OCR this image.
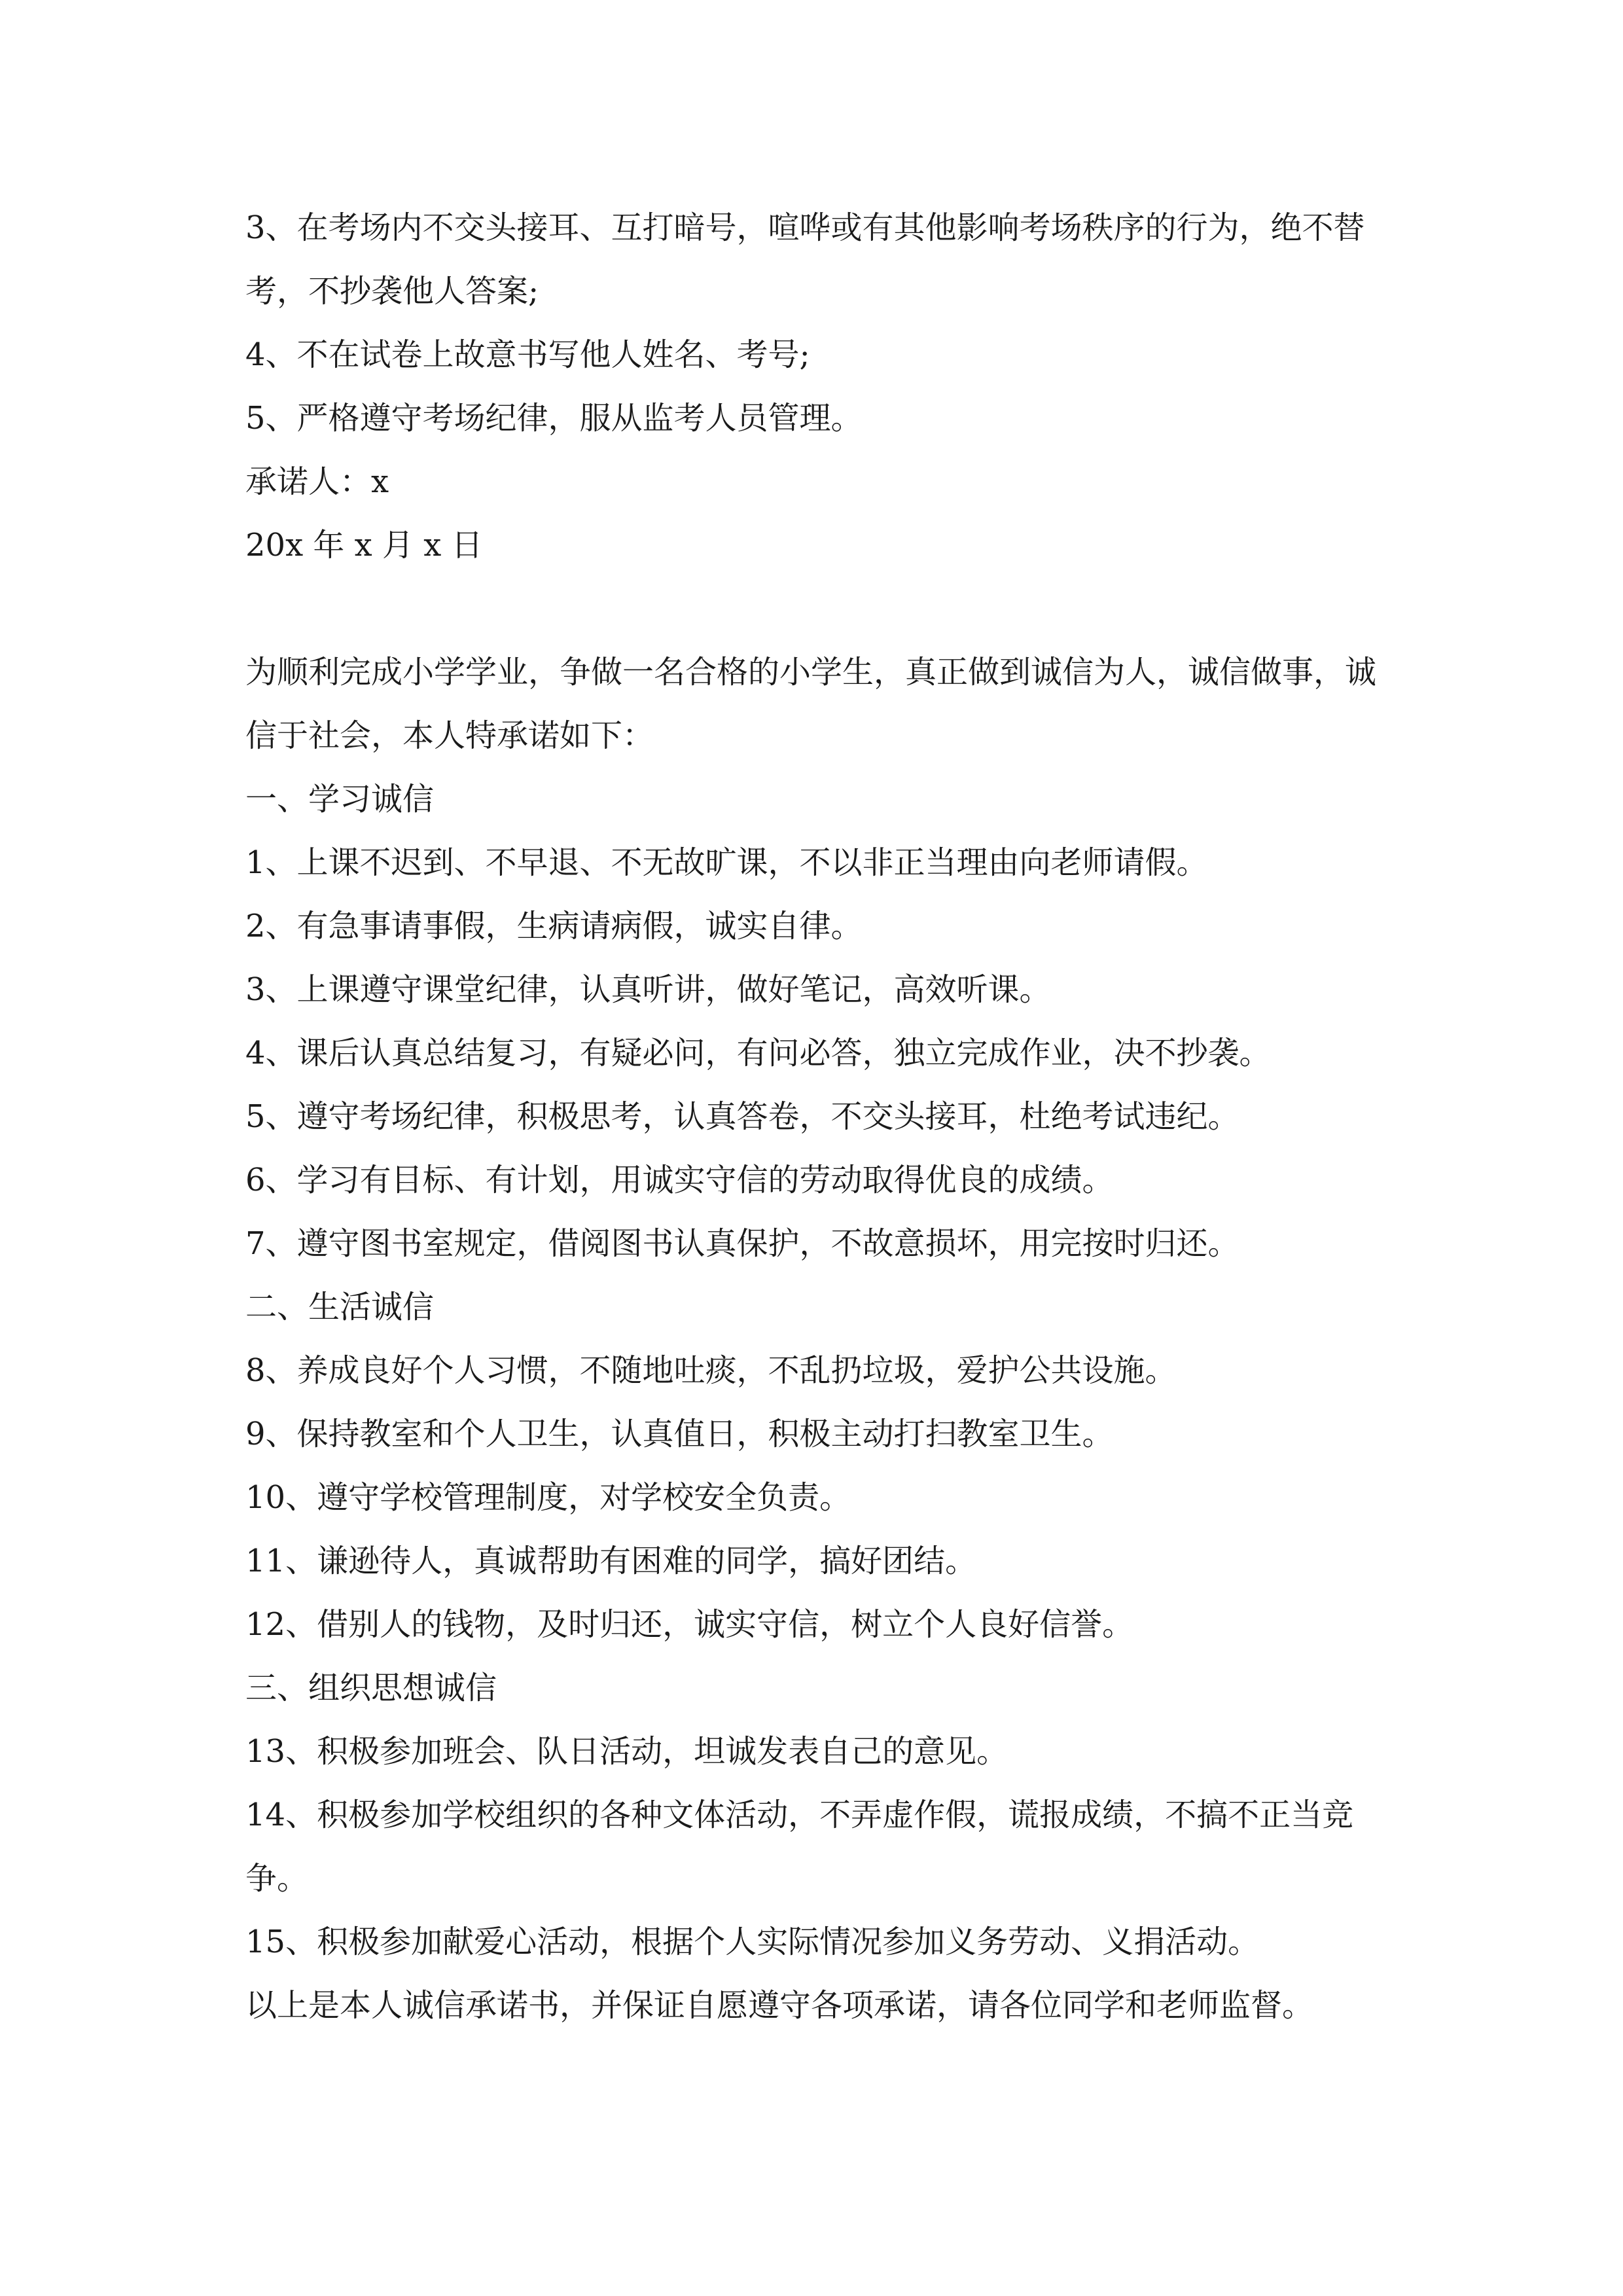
3、在考场内不交头接耳、互打暗号，喧哗或有其他影响考场秩序的行为，绝不替考，不抄袭他人答案;

4、不在试卷上故意书写他人姓名、考号;

5、严格遵守考场纪律，服从监考人员管理。

承诺人：x

20x 年 x 月 x 日

为顺利完成小学学业，争做一名合格的小学生，真正做到诚信为人，诚信做事，诚信于社会，本人特承诺如下：

一、学习诚信

1、上课不迟到、不早退、不无故旷课，不以非正当理由向老师请假。

2、有急事请事假，生病请病假，诚实自律。

3、上课遵守课堂纪律，认真听讲，做好笔记，高效听课。

4、课后认真总结复习，有疑必问，有问必答，独立完成作业，决不抄袭。

5、遵守考场纪律，积极思考，认真答卷，不交头接耳，杜绝考试违纪。

6、学习有目标、有计划，用诚实守信的劳动取得优良的成绩。

7、遵守图书室规定，借阅图书认真保护，不故意损坏，用完按时归还。

二、生活诚信

8、养成良好个人习惯，不随地吐痰，不乱扔垃圾，爱护公共设施。

9、保持教室和个人卫生，认真值日，积极主动打扫教室卫生。

10、遵守学校管理制度，对学校安全负责。

11、谦逊待人，真诚帮助有困难的同学，搞好团结。

12、借别人的钱物，及时归还，诚实守信，树立个人良好信誉。

三、组织思想诚信

13、积极参加班会、队日活动，坦诚发表自己的意见。

14、积极参加学校组织的各种文体活动，不弄虚作假，谎报成绩，不搞不正当竞争。

15、积极参加献爱心活动，根据个人实际情况参加义务劳动、义捐活动。

以上是本人诚信承诺书，并保证自愿遵守各项承诺，请各位同学和老师监督。
